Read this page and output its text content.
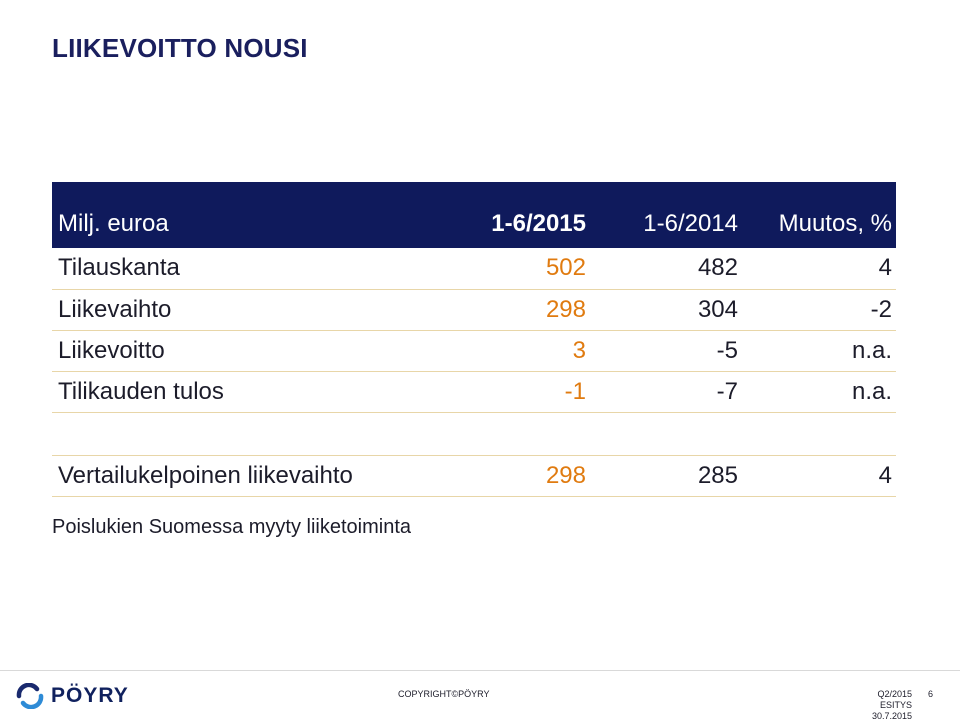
LIIKEVOITTO NOUSI
Milj. euroa	1-6/2015	1-6/2014	Muutos, %
Tilauskanta	502	482	4
Liikevaihto	298	304	-2
Liikevoitto	3	-5	n.a.
Tilikauden tulos	-1	-7	n.a.

Vertailukelpoinen liikevaihto	298	285	4
Poislukien Suomessa myyty liiketoiminta
PÖYRY	COPYRIGHT©PÖYRY	Q2/2015 ESITYS
30.7.2015
6
